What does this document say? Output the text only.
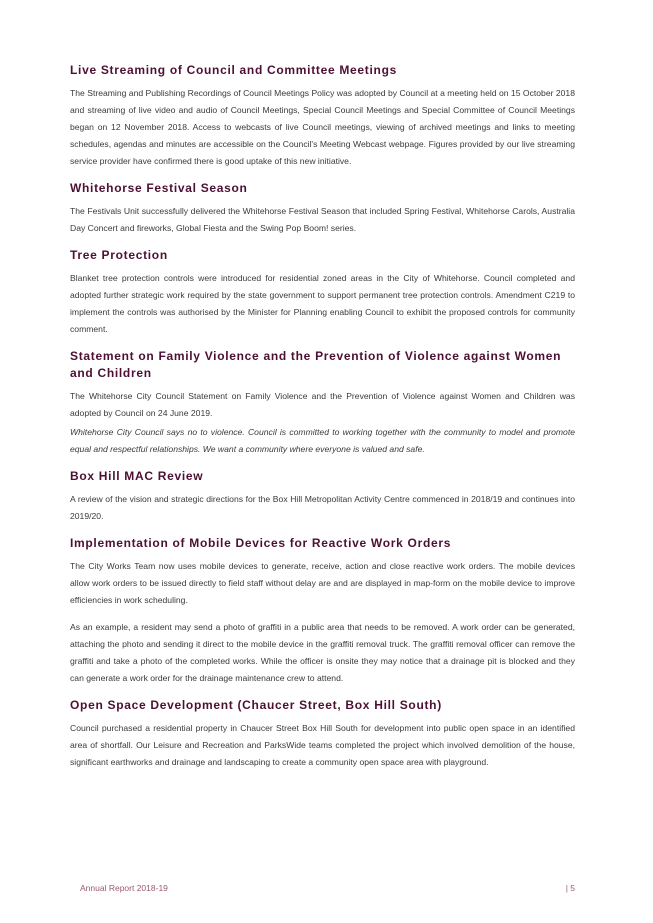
Live Streaming of Council and Committee Meetings

The Streaming and Publishing Recordings of Council Meetings Policy was adopted by Council at a meeting held on 15 October 2018 and streaming of live video and audio of Council Meetings, Special Council Meetings and Special Committee of Council Meetings began on 12 November 2018. Access to webcasts of live Council meetings, viewing of archived meetings and links to meeting schedules, agendas and minutes are accessible on the Council's Meeting Webcast webpage. Figures provided by our live streaming service provider have confirmed there is good uptake of this new initiative.

Whitehorse Festival Season

The Festivals Unit successfully delivered the Whitehorse Festival Season that included Spring Festival, Whitehorse Carols, Australia Day Concert and fireworks, Global Fiesta and the Swing Pop Boom! series.

Tree Protection

Blanket tree protection controls were introduced for residential zoned areas in the City of Whitehorse. Council completed and adopted further strategic work required by the state government to support permanent tree protection controls. Amendment C219 to implement the controls was authorised by the Minister for Planning enabling Council to exhibit the proposed controls for community comment.

Statement on Family Violence and the Prevention of Violence against Women and Children

The Whitehorse City Council Statement on Family Violence and the Prevention of Violence against Women and Children was adopted by Council on 24 June 2019.

Whitehorse City Council says no to violence. Council is committed to working together with the community to model and promote equal and respectful relationships. We want a community where everyone is valued and safe.

Box Hill MAC Review

A review of the vision and strategic directions for the Box Hill Metropolitan Activity Centre commenced in 2018/19 and continues into 2019/20.

Implementation of Mobile Devices for Reactive Work Orders

The City Works Team now uses mobile devices to generate, receive, action and close reactive work orders. The mobile devices allow work orders to be issued directly to field staff without delay are and are displayed in map-form on the mobile device to improve efficiencies in work scheduling.

As an example, a resident may send a photo of graffiti in a public area that needs to be removed. A work order can be generated, attaching the photo and sending it direct to the mobile device in the graffiti removal truck. The graffiti removal officer can remove the graffiti and take a photo of the completed works. While the officer is onsite they may notice that a drainage pit is blocked and they can generate a work order for the drainage maintenance crew to attend.

Open Space Development (Chaucer Street, Box Hill South)

Council purchased a residential property in Chaucer Street Box Hill South for development into public open space in an identified area of shortfall. Our Leisure and Recreation and ParksWide teams completed the project which involved demolition of the house, significant earthworks and drainage and landscaping to create a community open space area with playground.

Annual Report 2018-19	| 5
